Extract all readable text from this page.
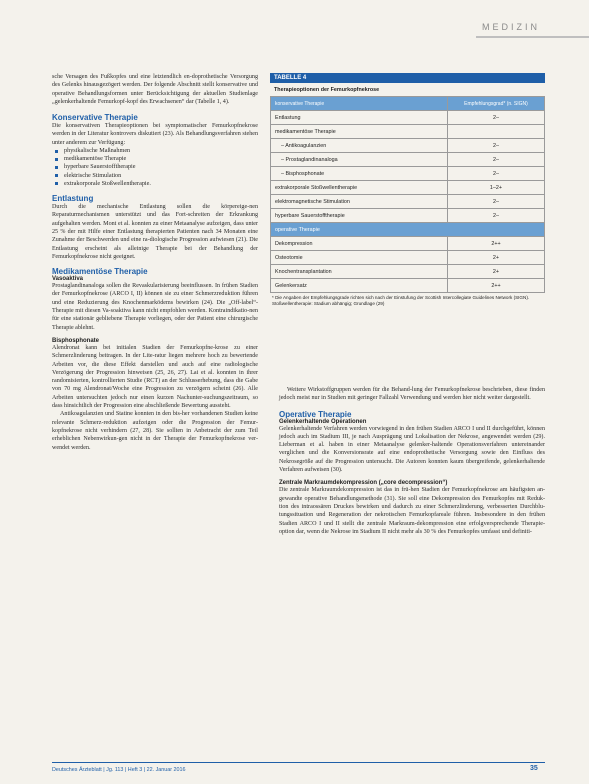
MEDIZIN

sche Versagen des Fußkopfes und eine letztendlich en-doprothetische Versorgung des Gelenks hinausgezögert werden. Der folgende Abschnitt stellt konservative und operative Behandlungsformen unter Berücksichtigung der aktuellen Studienlage „gelenkerhaltende Femurkopf-kopf des Erwachsenen“ dar (Tabelle 1, 4).

Konservative Therapie

Die konservativen Therapieoptionen bei symptomatischer Femurkopfnekrose werden in der Literatur kontrovers diskutiert (23). Als Behandlungsverfahren stehen unter anderem zur Verfügung:

physikalische Maßnahmen
medikamentöse Therapie
hyperbare Sauerstofftherapie
elektrische Stimulation
extrakorporale Stoßwellentherapie.

Entlastung

Durch die mechanische Entlastung sollen die körpereige-nen Reparaturmechanismen unterstützt und das Fort-schreiten der Erkrankung aufgehalten werden. Mont et al. konnten zu einer Metaanalyse aufzeigen, dass unter 25 % der mit Hilfe einer Entlastung therapierten Patienten nach 34 Monaten eine Zunahme der Beschwerden und eine ra-diologische Progression aufwiesen (21). Die Entlastung erscheint als alleinige Therapie bei der Behandlung der Femurkopfnekrose nicht geeignet.

Medikamentöse Therapie

Vasoaktiva

Prostaglandinanaloga sollen die Revaskularisierung beeinflussen. In frühen Stadien der Femurkopfnekrose (ARCO I, II) können sie zu einer Schmerzreduktion führen und eine Reduzierung des Knochenmarködems bewirken (24). Die „Off-label“-Therapie mit diesen Va-soaktiva kann nicht empfohlen werden. Kontraindikatio-nen für eine stationär gebliebene Therapie vorliegen, oder der Patient eine chirurgische Therapie ablehnt.

Bisphosphonate

Alendronat kann bei initialen Stadien der Femurkopfne-krose zu einer Schmerzlinderung beitragen. In der Lite-ratur liegen mehrere hoch zu bewertende Arbeiten vor, die diese Effekt darstellen und auch auf eine radiologische Verzögerung der Progression hinweisen (25, 26, 27). Lai et al. konnten in ihrer randomisierten, kontrollierten Studie (RCT) an der Schlusserhebung, dass die Gabe von 70 mg Alendronat/Woche eine Progression zu verzögern scheint (26). Alle Arbeiten untersuchten jedoch nur einen kurzen Nachunter-suchungszeitraum, so dass hinsichtlich der Progression eine abschließende Bewertung aussteht.

Antikoagulanzien und Statine konnten in den bis-her vorhandenen Studien keine relevante Schmerz-reduktion aufzeigen oder die Progression der Femur-kopfnekrose nicht verhindern (27, 28). Sie sollten in Anbetracht der zum Teil erheblichen Nebenwirkun-gen nicht in der Therapie der Femurkopfnekrose ver-wendet werden.

TABELLE 4
Therapieoptionen der Femurkopfnekrose
konservative Therapie	Empfehlungsgrad* (n. SIGN)
Entlastung	2–
medikamentöse Therapie	
– Antikoagulanzien	2–
– Prostaglandinanaloga	2–
– Bisphosphonate	2–
extrakorporale Stoßwellentherapie	1–2+
elektromagnetische Stimulation	2–
hyperbare Sauerstofftherapie	2–
operative Therapie	
Dekompression	2++
Osteotomie	2+
Knochentransplantation	2+
Gelenkersatz	2++
* Die Angaben der Empfehlungsgrade richten sich nach der Einstufung der Scottish Intercollegiate Guidelines Network (SIGN). Stoßwellentherapie: Stadium abhängig; Grundlage (29)

Weitere Wirkstoffgruppen werden für die Behand-lung der Femurkopfnekrose beschrieben, diese finden jedoch meist nur in Studien mit geringer Fallzahl Verwendung und werden hier nicht weiter dargestellt.

Operative Therapie

Gelenkerhaltende Operationen

Gelenkerhaltende Verfahren werden vorwiegend in den frühen Stadien ARCO I und II durchgeführt, können jedoch auch im Stadium III, je nach Ausprägung und Lokalisation der Nekrose, angewendet werden (29). Lieberman et al. haben in einer Metaanalyse gelenker-haltende Operationsverfahren untereinander verglichen und die Konversionsrate auf eine endoprothetische Versorgung sowie den Einfluss des Nekrosegröße auf die Progression untersucht. Die Autoren konnten kaum übergreifende, gelenkerhaltende Verfahren aufweisen (30).

Zentrale Markraumdekompression („core decompression“)

Die zentrale Markraumdekompression ist das in frü-hen Stadien der Femurkopfnekrose am häufigsten an-gewandte operative Behandlungsmethode (31). Sie soll eine Dekompression des Femurkopfes mit Reduk-tion des intraossären Druckes bewirken und dadurch zu einer Schmerzlinderung, verbesserten Durchblu-tungssituation und Regeneration der nekrotischen Femurkopfareale führen. Insbesondere in den frühen Stadien ARCO I und II stellt die zentrale Markraum-dekompression eine erfolgversprechende Therapie-option dar, wenn die Nekrose im Stadium II nicht mehr als 30 % des Femurkopfes umfasst und definiti-

Deutsches Ärzteblatt | Jg. 113 | Heft 3 | 22. Januar 2016	35
